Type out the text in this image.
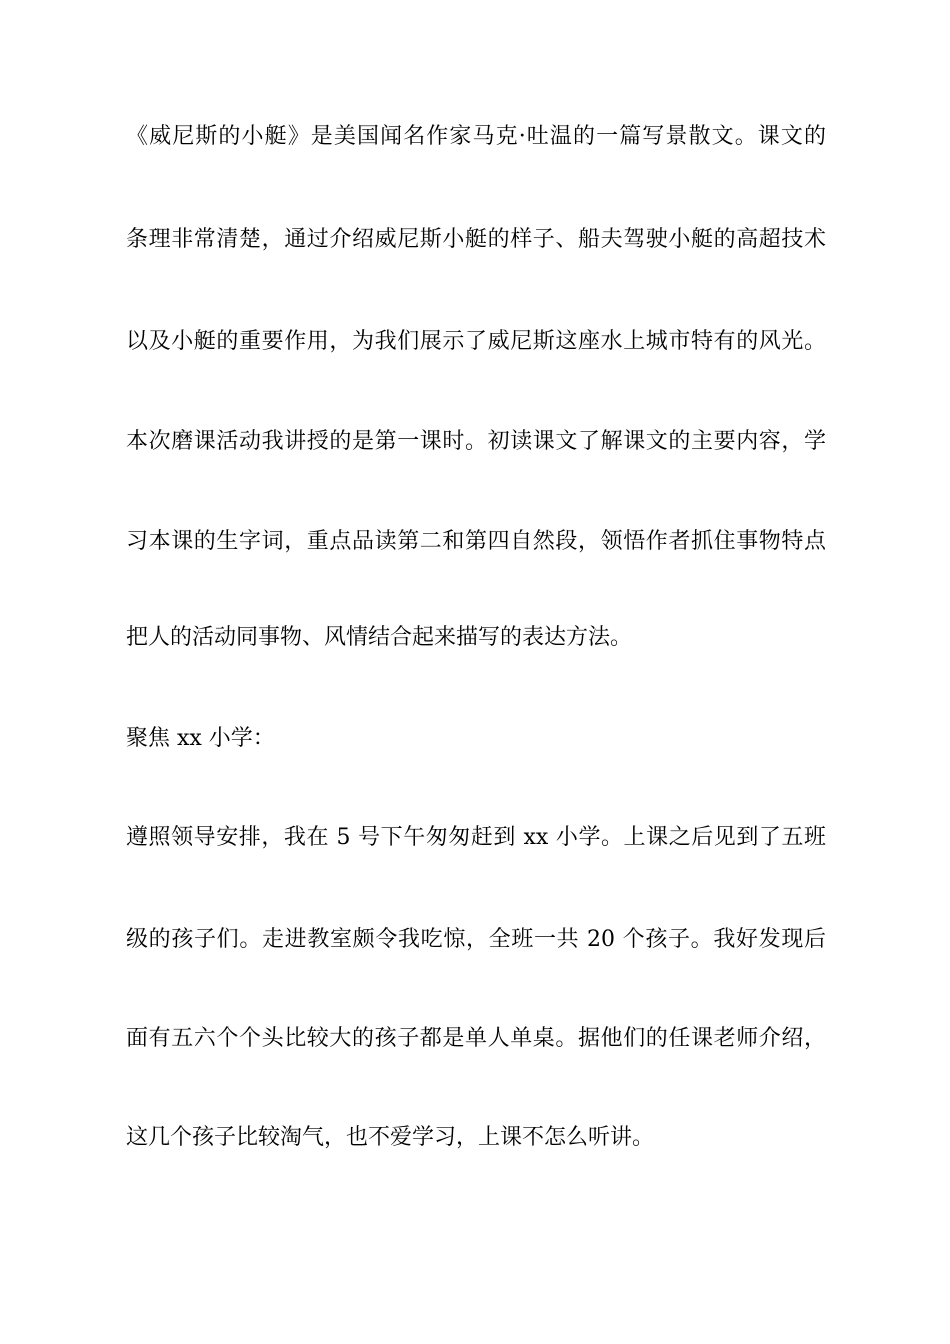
《威尼斯的小艇》是美国闻名作家马克·吐温的一篇写景散文。课文的
条理非常清楚，通过介绍威尼斯小艇的样子、船夫驾驶小艇的高超技术
以及小艇的重要作用，为我们展示了威尼斯这座水上城市特有的风光。
本次磨课活动我讲授的是第一课时。初读课文了解课文的主要内容，学
习本课的生字词，重点品读第二和第四自然段，领悟作者抓住事物特点
把人的活动同事物、风情结合起来描写的表达方法。
聚焦 xx 小学：
遵照领导安排，我在 5 号下午匆匆赶到 xx 小学。上课之后见到了五班
级的孩子们。走进教室颇令我吃惊，全班一共 20 个孩子。我好发现后
面有五六个个头比较大的孩子都是单人单桌。据他们的任课老师介绍，
这几个孩子比较淘气，也不爱学习，上课不怎么听讲。
